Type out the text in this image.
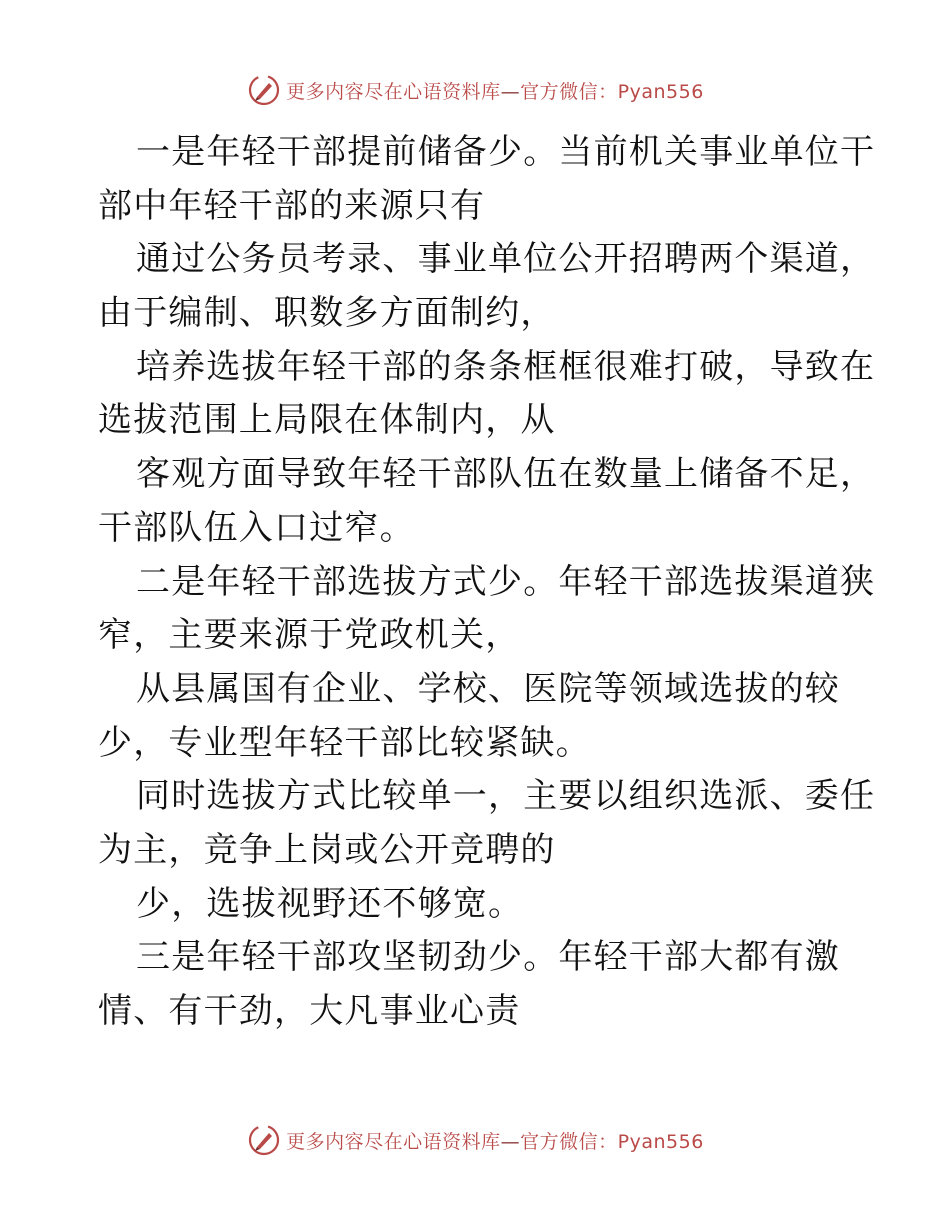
更多内容尽在心语资料库—官方微信：Pyan556
一是年轻干部提前储备少。当前机关事业单位干
部中年轻干部的来源只有
通过公务员考录、事业单位公开招聘两个渠道，
由于编制、职数多方面制约，
培养选拔年轻干部的条条框框很难打破，导致在
选拔范围上局限在体制内，从
客观方面导致年轻干部队伍在数量上储备不足，
干部队伍入口过窄。
二是年轻干部选拔方式少。年轻干部选拔渠道狭
窄，主要来源于党政机关，
从县属国有企业、学校、医院等领域选拔的较
少，专业型年轻干部比较紧缺。
同时选拔方式比较单一，主要以组织选派、委任
为主，竞争上岗或公开竞聘的
少，选拔视野还不够宽。
三是年轻干部攻坚韧劲少。年轻干部大都有激
情、有干劲，大凡事业心责
更多内容尽在心语资料库—官方微信：Pyan556
